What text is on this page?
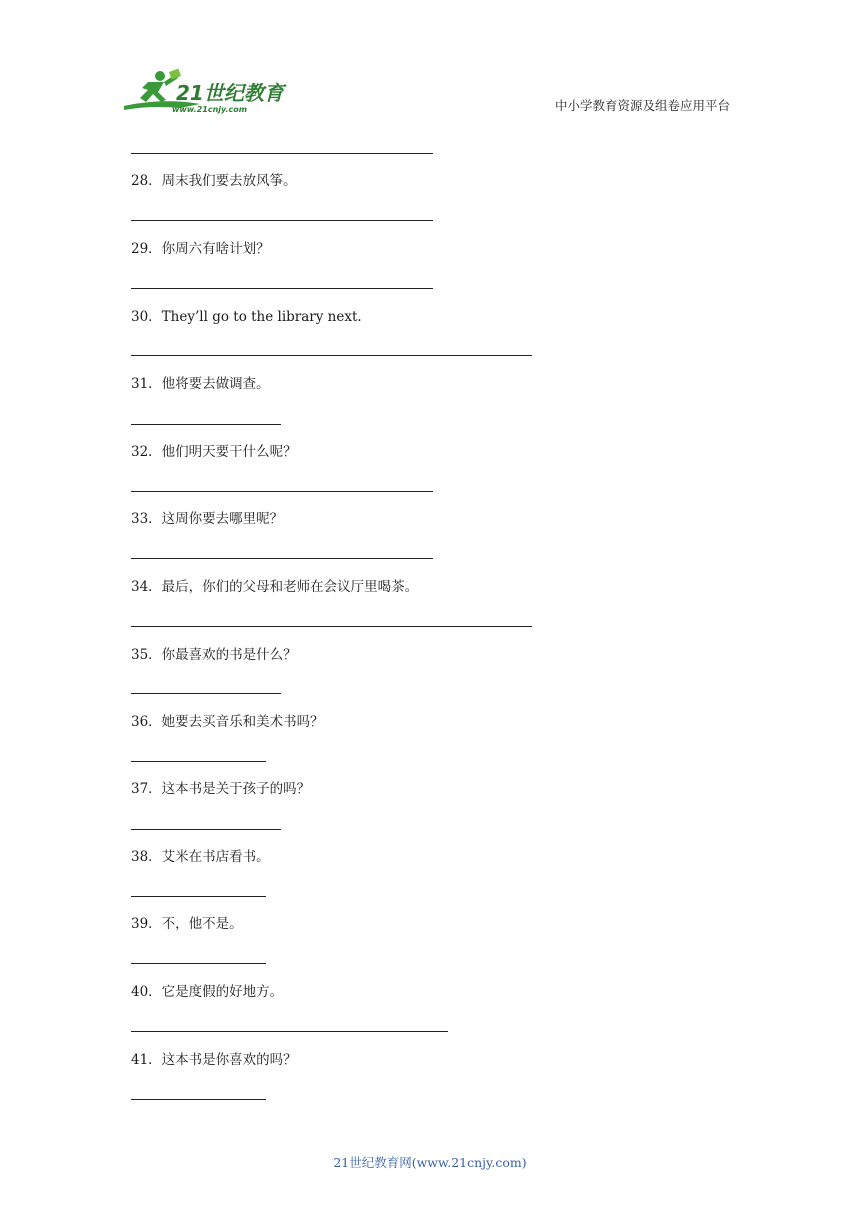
21世纪教育
www.21cnjy.com	中小学教育资源及组卷应用平台
28．周末我们要去放风筝。
29．你周六有啥计划？
30．They’ll go to the library next.
31．他将要去做调查。
32．他们明天要干什么呢？
33．这周你要去哪里呢？
34．最后，你们的父母和老师在会议厅里喝茶。
35．你最喜欢的书是什么？
36．她要去买音乐和美术书吗？
37．这本书是关于孩子的吗？
38．艾米在书店看书。
39．不，他不是。
40．它是度假的好地方。
41．这本书是你喜欢的吗？
21世纪教育网(www.21cnjy.com)
